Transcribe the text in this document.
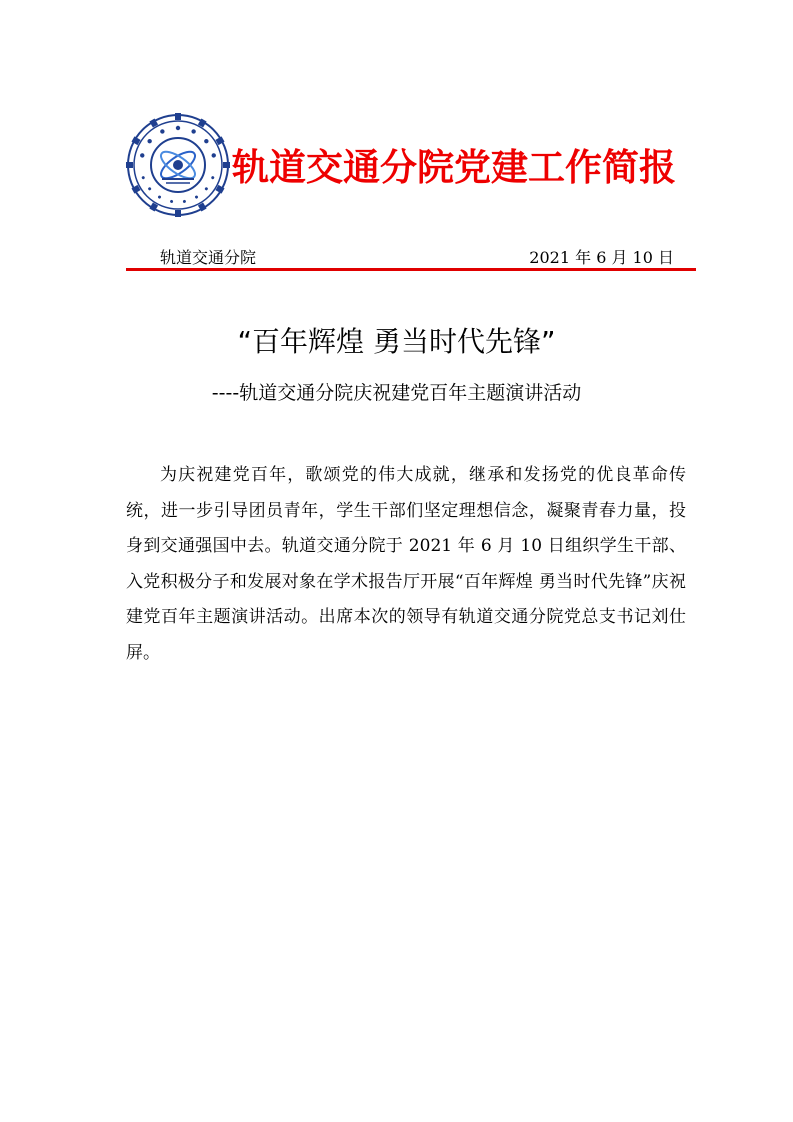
轨道交通分院党建工作简报
轨道交通分院	2021 年 6 月 10 日
“百年辉煌 勇当时代先锋”
----轨道交通分院庆祝建党百年主题演讲活动

为庆祝建党百年，歌颂党的伟大成就，继承和发扬党的优良革命传统，进一步引导团员青年，学生干部们坚定理想信念，凝聚青春力量，投身到交通强国中去。轨道交通分院于 2021 年 6 月 10 日组织学生干部、入党积极分子和发展对象在学术报告厅开展“百年辉煌 勇当时代先锋”庆祝建党百年主题演讲活动。出席本次的领导有轨道交通分院党总支书记刘仕屏。
